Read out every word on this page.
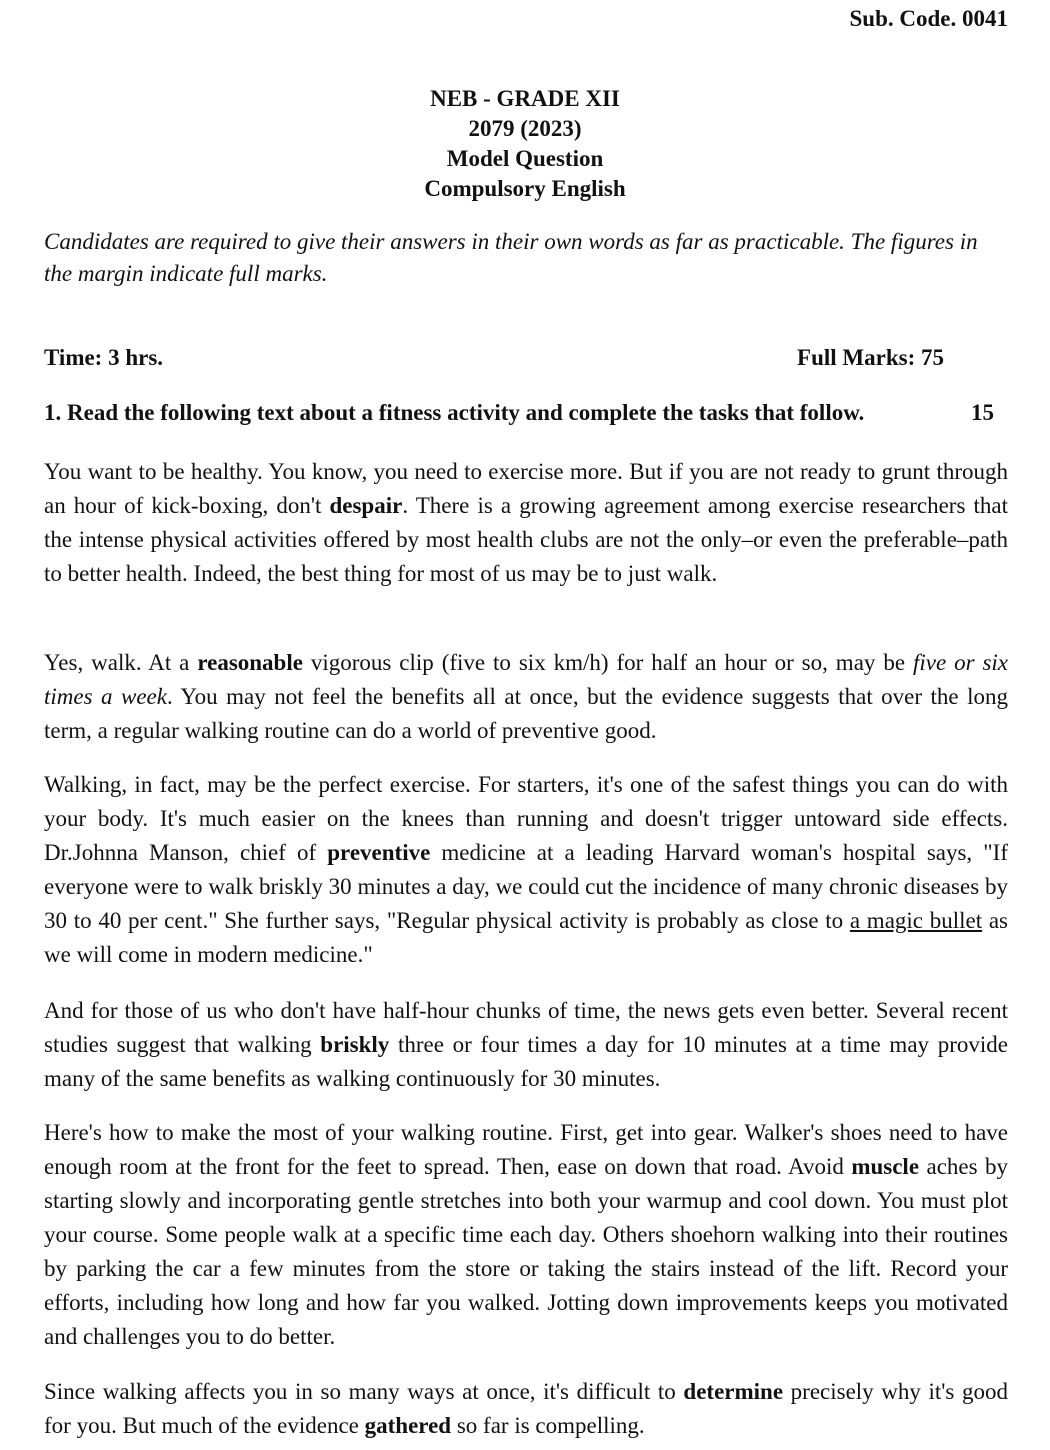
Sub. Code. 0041
NEB - GRADE XII
2079 (2023)
Model Question
Compulsory English
Candidates are required to give their answers in their own words as far as practicable. The figures in the margin indicate full marks.
Time: 3 hrs.	Full Marks: 75
1. Read the following text about a fitness activity and complete the tasks that follow.	15
You want to be healthy. You know, you need to exercise more. But if you are not ready to grunt through an hour of kick-boxing, don't despair. There is a growing agreement among exercise researchers that the intense physical activities offered by most health clubs are not the only–or even the preferable–path to better health. Indeed, the best thing for most of us may be to just walk.
Yes, walk. At a reasonable vigorous clip (five to six km/h) for half an hour or so, may be five or six times a week. You may not feel the benefits all at once, but the evidence suggests that over the long term, a regular walking routine can do a world of preventive good.
Walking, in fact, may be the perfect exercise. For starters, it's one of the safest things you can do with your body. It's much easier on the knees than running and doesn't trigger untoward side effects. Dr.Johnna Manson, chief of preventive medicine at a leading Harvard woman's hospital says, "If everyone were to walk briskly 30 minutes a day, we could cut the incidence of many chronic diseases by 30 to 40 per cent." She further says, "Regular physical activity is probably as close to a magic bullet as we will come in modern medicine."
And for those of us who don't have half-hour chunks of time, the news gets even better. Several recent studies suggest that walking briskly three or four times a day for 10 minutes at a time may provide many of the same benefits as walking continuously for 30 minutes.
Here's how to make the most of your walking routine. First, get into gear. Walker's shoes need to have enough room at the front for the feet to spread. Then, ease on down that road. Avoid muscle aches by starting slowly and incorporating gentle stretches into both your warmup and cool down. You must plot your course. Some people walk at a specific time each day. Others shoehorn walking into their routines by parking the car a few minutes from the store or taking the stairs instead of the lift. Record your efforts, including how long and how far you walked. Jotting down improvements keeps you motivated and challenges you to do better.
Since walking affects you in so many ways at once, it's difficult to determine precisely why it's good for you. But much of the evidence gathered so far is compelling.
